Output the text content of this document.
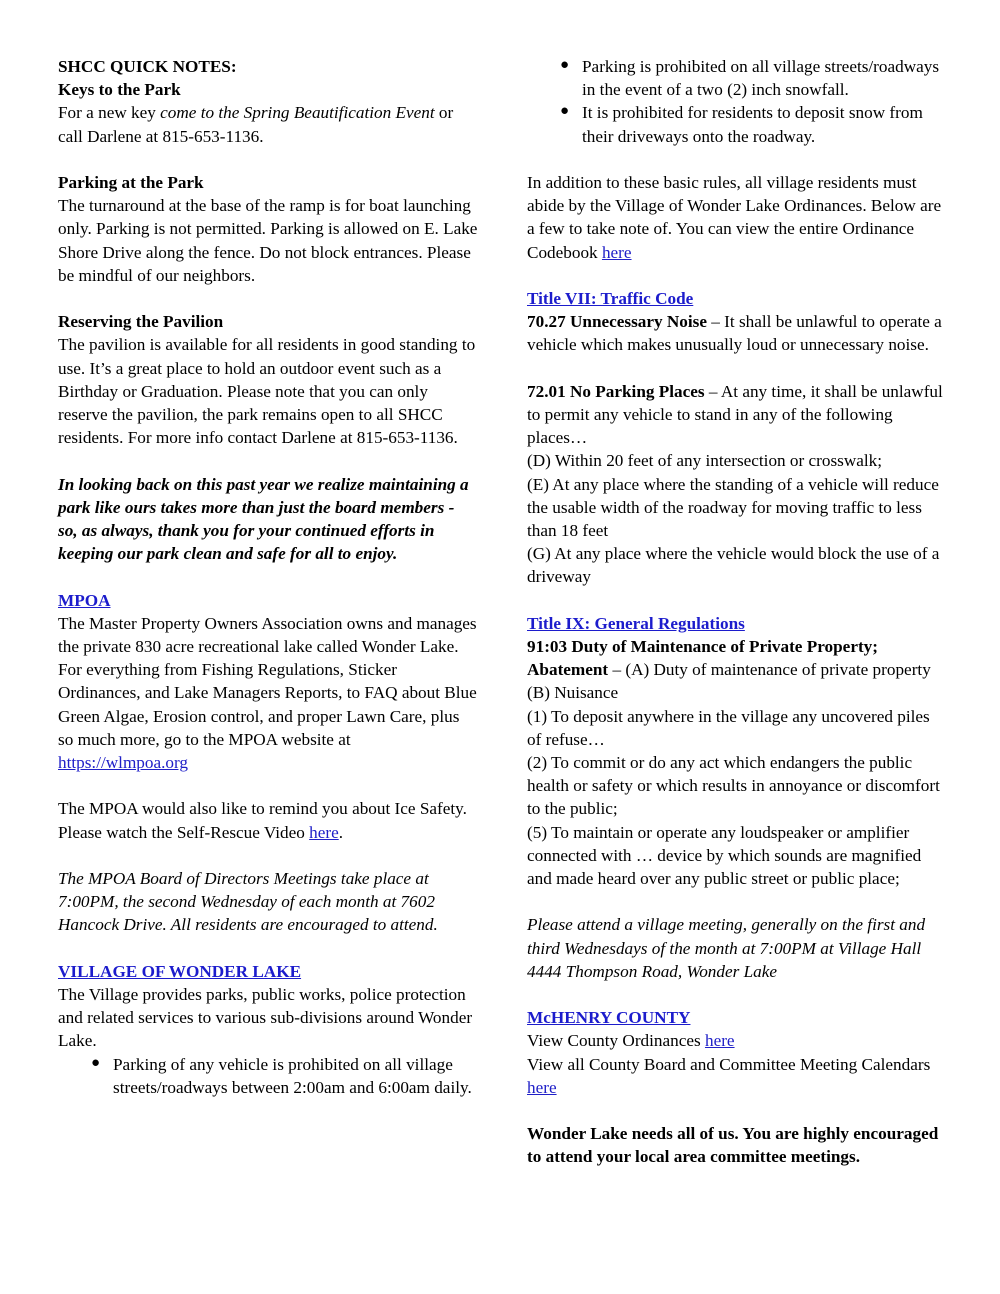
SHCC QUICK NOTES:

Keys to the Park

For a new key come to the Spring Beautification Event or call Darlene at 815-653-1136.

Parking at the Park

The turnaround at the base of the ramp is for boat launching only. Parking is not permitted. Parking is allowed on E. Lake Shore Drive along the fence. Do not block entrances. Please be mindful of our neighbors.

Reserving the Pavilion

The pavilion is available for all residents in good standing to use. It’s a great place to hold an outdoor event such as a Birthday or Graduation. Please note that you can only reserve the pavilion, the park remains open to all SHCC residents. For more info contact Darlene at 815-653-1136.

In looking back on this past year we realize maintaining a park like ours takes more than just the board members - so, as always, thank you for your continued efforts in keeping our park clean and safe for all to enjoy.

MPOA

The Master Property Owners Association owns and manages the private 830 acre recreational lake called Wonder Lake.

For everything from Fishing Regulations, Sticker Ordinances, and Lake Managers Reports, to FAQ about Blue Green Algae, Erosion control, and proper Lawn Care, plus so much more, go to the MPOA website at https://wlmpoa.org

The MPOA would also like to remind you about Ice Safety. Please watch the Self-Rescue Video here.

The MPOA Board of Directors Meetings take place at 7:00PM, the second Wednesday of each month at 7602 Hancock Drive. All residents are encouraged to attend.

VILLAGE OF WONDER LAKE

The Village provides parks, public works, police protection and related services to various sub-divisions around Wonder Lake.

● Parking of any vehicle is prohibited on all village streets/roadways between 2:00am and 6:00am daily.
● Parking is prohibited on all village streets/roadways in the event of a two (2) inch snowfall.
● It is prohibited for residents to deposit snow from their driveways onto the roadway.

In addition to these basic rules, all village residents must abide by the Village of Wonder Lake Ordinances. Below are a few to take note of. You can view the entire Ordinance Codebook here

Title VII: Traffic Code

70.27 Unnecessary Noise – It shall be unlawful to operate a vehicle which makes unusually loud or unnecessary noise.

72.01 No Parking Places – At any time, it shall be unlawful to permit any vehicle to stand in any of the following places…

(D) Within 20 feet of any intersection or crosswalk;

(E) At any place where the standing of a vehicle will reduce the usable width of the roadway for moving traffic to less than 18 feet

(G) At any place where the vehicle would block the use of a driveway

Title IX: General Regulations

91:03 Duty of Maintenance of Private Property; Abatement – (A) Duty of maintenance of private property (B) Nuisance

(1) To deposit anywhere in the village any uncovered piles of refuse…

(2) To commit or do any act which endangers the public health or safety or which results in annoyance or discomfort to the public;

(5) To maintain or operate any loudspeaker or amplifier connected with … device by which sounds are magnified and made heard over any public street or public place;

Please attend a village meeting, generally on the first and third Wednesdays of the month at 7:00PM at Village Hall 4444 Thompson Road, Wonder Lake

McHENRY COUNTY

View County Ordinances here

View all County Board and Committee Meeting Calendars here

Wonder Lake needs all of us. You are highly encouraged to attend your local area committee meetings.
